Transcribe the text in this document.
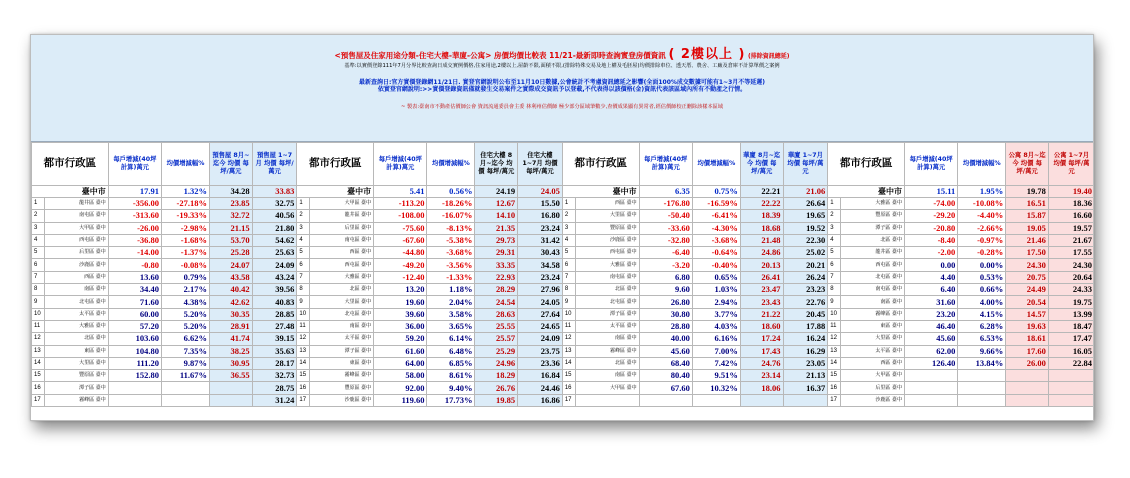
<預售屋及住家用途分類-住宅大樓-華廈-公寓> 房價均價比較表 11/21-最新即時查詢實登房價資訊 ( 2樓以上 ) (排除資訊總延)
基準:以實價登錄111年7月分界比較查詢日成交實例價格,住家用途,2樓以上,屋齡不限,面積不限,(排除特殊交易及地上權及毛胚屋)均價排除車位、透天厝、農舍、工廠及倉庫不計算單價之案例
最新查詢日:官方實價登錄網11/21日. 實登官網說明公布至11月10日數據,公會統計不考慮資訊總延之影響(全面100%成交數據可能有1~3月不等延遲)
依實登官網說明:>>實價登錄資訊僅就發生交易案件之實際成交資訊予以登載,不代表得以該價格(金)資訊代表該區域內所有不動產之行情。
~ 製表:臺南市不動產估價師公會 資訊流通委員會主委 林利州估價師 極少部分區域筆數少,查價成果顯有異常者,經估價師校正刪除該樣本區域
都市行政區		每戶增減(40坪計算)萬元	均價增減幅%	預售屋 8月~迄今 均價 每坪/萬元	預售屋 1~7月 均價 每坪/萬元	都市行政區		每戶增減(40坪計算)萬元	均價增減幅%	住宅大樓 8月~迄今 均價 每坪/萬元	住宅大樓 1~7月 均價 每坪/萬元	都市行政區		每戶增減(40坪計算)萬元	均價增減幅%	華廈 8月~迄今 均價 每坪/萬元	華廈 1~7月 均價 每坪/萬元	都市行政區		每戶增減(40坪計算)萬元	均價增減幅%	公寓 8月~迄今 均價 每坪/萬元	公寓 1~7月 均價 每坪/萬元
臺中市		17.91	1.32%	34.28	33.83	臺中市		5.41	0.56%	24.19	24.05	臺中市		6.35	0.75%	22.21	21.06	臺中市		15.11	1.95%	19.78	19.40
1	龍井區 臺中	-356.00	-27.18%	23.85	32.75	1	大甲區 臺中	-113.20	-18.26%	12.67	15.50	1	西區 臺中	-176.80	-16.59%	22.22	26.64	1	大雅區 臺中	-74.00	-10.08%	16.51	18.36
2	南屯區 臺中	-313.60	-19.33%	32.72	40.56	2	龍井區 臺中	-108.00	-16.07%	14.10	16.80	2	大里區 臺中	-50.40	-6.41%	18.39	19.65	2	豐原區 臺中	-29.20	-4.40%	15.87	16.60
3	大甲區 臺中	-26.00	-2.98%	21.15	21.80	3	后里區 臺中	-75.60	-8.13%	21.35	23.24	3	豐原區 臺中	-33.60	-4.30%	18.68	19.52	3	潭子區 臺中	-20.80	-2.66%	19.05	19.57
4	西屯區 臺中	-36.80	-1.68%	53.70	54.62	4	南屯區 臺中	-67.60	-5.38%	29.73	31.42	4	沙鹿區 臺中	-32.80	-3.68%	21.48	22.30	4	北區 臺中	-8.40	-0.97%	21.46	21.67
5	后里區 臺中	-14.00	-1.37%	25.28	25.63	5	西區 臺中	-44.80	-3.68%	29.31	30.43	5	西屯區 臺中	-6.40	-0.64%	24.86	25.02	5	龍井區 臺中	-2.00	-0.28%	17.50	17.55
6	沙鹿區 臺中	-0.80	-0.08%	24.07	24.09	6	西屯區 臺中	-49.20	-3.56%	33.35	34.58	6	大雅區 臺中	-3.20	-0.40%	20.13	20.21	6	西屯區 臺中	0.00	0.00%	24.30	24.30
7	西區 臺中	13.60	0.79%	43.58	43.24	7	大雅區 臺中	-12.40	-1.33%	22.93	23.24	7	南屯區 臺中	6.80	0.65%	26.41	26.24	7	北屯區 臺中	4.40	0.53%	20.75	20.64
8	南區 臺中	34.40	2.17%	40.42	39.56	8	北區 臺中	13.20	1.18%	28.29	27.96	8	北區 臺中	9.60	1.03%	23.47	23.23	8	南屯區 臺中	6.40	0.66%	24.49	24.33
9	北屯區 臺中	71.60	4.38%	42.62	40.83	9	大里區 臺中	19.60	2.04%	24.54	24.05	9	北屯區 臺中	26.80	2.94%	23.43	22.76	9	南區 臺中	31.60	4.00%	20.54	19.75
10	太平區 臺中	60.00	5.20%	30.35	28.85	10	北屯區 臺中	39.60	3.58%	28.63	27.64	10	潭子區 臺中	30.80	3.77%	21.22	20.45	10	霧峰區 臺中	23.20	4.15%	14.57	13.99
11	大雅區 臺中	57.20	5.20%	28.91	27.48	11	南區 臺中	36.00	3.65%	25.55	24.65	11	太平區 臺中	28.80	4.03%	18.60	17.88	11	東區 臺中	46.40	6.28%	19.63	18.47
12	北區 臺中	103.60	6.62%	41.74	39.15	12	太平區 臺中	59.20	6.14%	25.57	24.09	12	南區 臺中	40.00	6.16%	17.24	16.24	12	大里區 臺中	45.60	6.53%	18.61	17.47
13	東區 臺中	104.80	7.35%	38.25	35.63	13	潭子區 臺中	61.60	6.48%	25.29	23.75	13	霧峰區 臺中	45.60	7.00%	17.43	16.29	13	太平區 臺中	62.00	9.66%	17.60	16.05
14	大里區 臺中	111.20	9.87%	30.95	28.17	14	東區 臺中	64.00	6.85%	24.96	23.36	14	北區 臺中	68.40	7.42%	24.76	23.05	14	西區 臺中	126.40	13.84%	26.00	22.84
15	豐原區 臺中	152.80	11.67%	36.55	32.73	15	霧峰區 臺中	58.00	8.61%	18.29	16.84	15	南區 臺中	80.40	9.51%	23.14	21.13	15	大甲區 臺中				
16	潭子區 臺中				28.75	16	豐原區 臺中	92.00	9.40%	26.76	24.46	16	大甲區 臺中	67.60	10.32%	18.06	16.37	16	后里區 臺中				
17	霧峰區 臺中				31.24	17	沙鹿區 臺中	119.60	17.73%	19.85	16.86	17						17	沙鹿區 臺中				
